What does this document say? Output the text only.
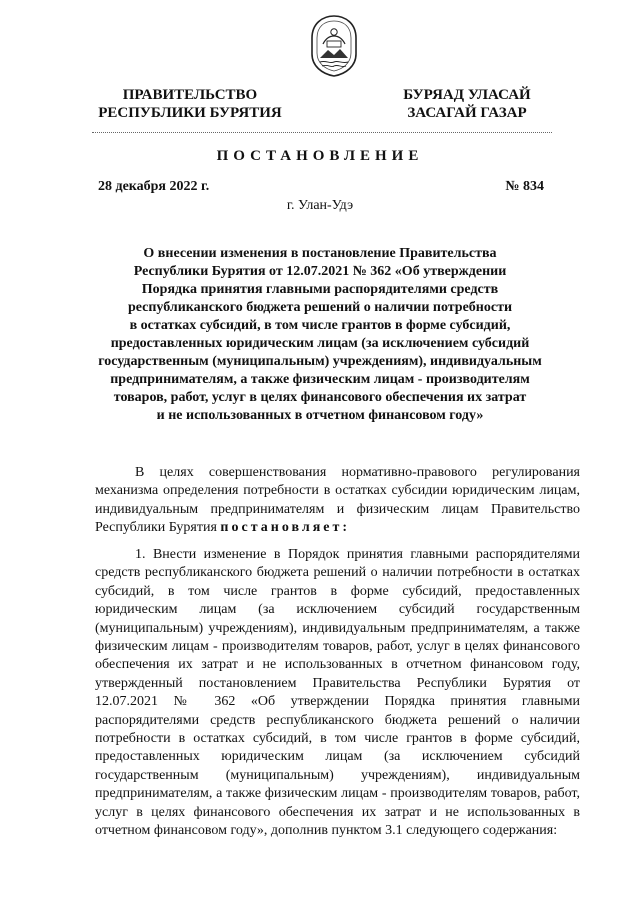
ПРАВИТЕЛЬСТВО
РЕСПУБЛИКИ БУРЯТИЯ
БУРЯАД УЛАСАЙ
ЗАСАГАЙ ГАЗАР
ПОСТАНОВЛЕНИЕ
28 декабря 2022 г.	№ 834
г. Улан-Удэ
О внесении изменения в постановление Правительства
Республики Бурятия от 12.07.2021 № 362 «Об утверждении
Порядка принятия главными распорядителями средств
республиканского бюджета решений о наличии потребности
в остатках субсидий, в том числе грантов в форме субсидий,
предоставленных юридическим лицам (за исключением субсидий
государственным (муниципальным) учреждениям), индивидуальным
предпринимателям, а также физическим лицам - производителям
товаров, работ, услуг в целях финансового обеспечения их затрат
и не использованных в отчетном финансовом году»

В целях совершенствования нормативно-правового регулирования механизма определения потребности в остатках субсидии юридическим лицам, индивидуальным предпринимателям и физическим лицам Правительство Республики Бурятия постановляет:

1. Внести изменение в Порядок принятия главными распорядителями средств республиканского бюджета решений о наличии потребности в остатках субсидий, в том числе грантов в форме субсидий, предоставленных юридическим лицам (за исключением субсидий государственным (муниципальным) учреждениям), индивидуальным предпринимателям, а также физическим лицам - производителям товаров, работ, услуг в целях финансового обеспечения их затрат и не использованных в отчетном финансовом году, утвержденный постановлением Правительства Республики Бурятия от 12.07.2021 № 362 «Об утверждении Порядка принятия главными распорядителями средств республиканского бюджета решений о наличии потребности в остатках субсидий, в том числе грантов в форме субсидий, предоставленных юридическим лицам (за исключением субсидий государственным (муниципальным) учреждениям), индивидуальным предпринимателям, а также физическим лицам - производителям товаров, работ, услуг в целях финансового обеспечения их затрат и не использованных в отчетном финансовом году», дополнив пунктом 3.1 следующего содержания:
